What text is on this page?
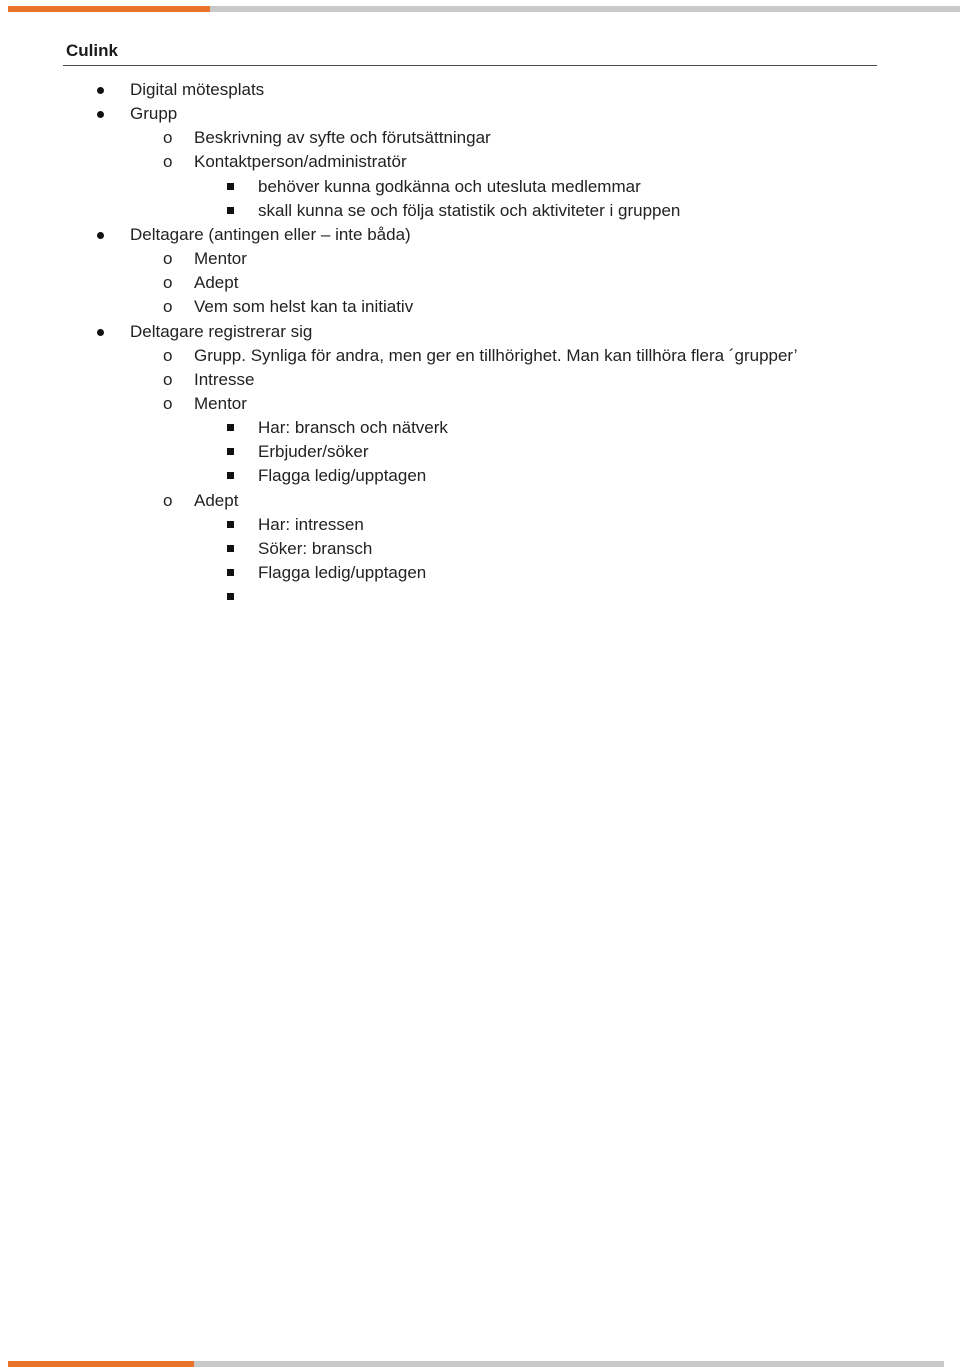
Culink
Digital mötesplats
Grupp
o Beskrivning av syfte och förutsättningar
o Kontaktperson/administratör
behöver kunna godkänna och utesluta medlemmar
skall kunna se och följa statistik och aktiviteter i gruppen
Deltagare (antingen eller – inte båda)
o Mentor
o Adept
o Vem som helst kan ta initiativ
Deltagare registrerar sig
o Grupp. Synliga för andra, men ger en tillhörighet. Man kan tillhöra flera ´grupper’
o Intresse
o Mentor
Har: bransch och nätverk
Erbjuder/söker
Flagga ledig/upptagen
o Adept
Har: intressen
Söker: bransch
Flagga ledig/upptagen
